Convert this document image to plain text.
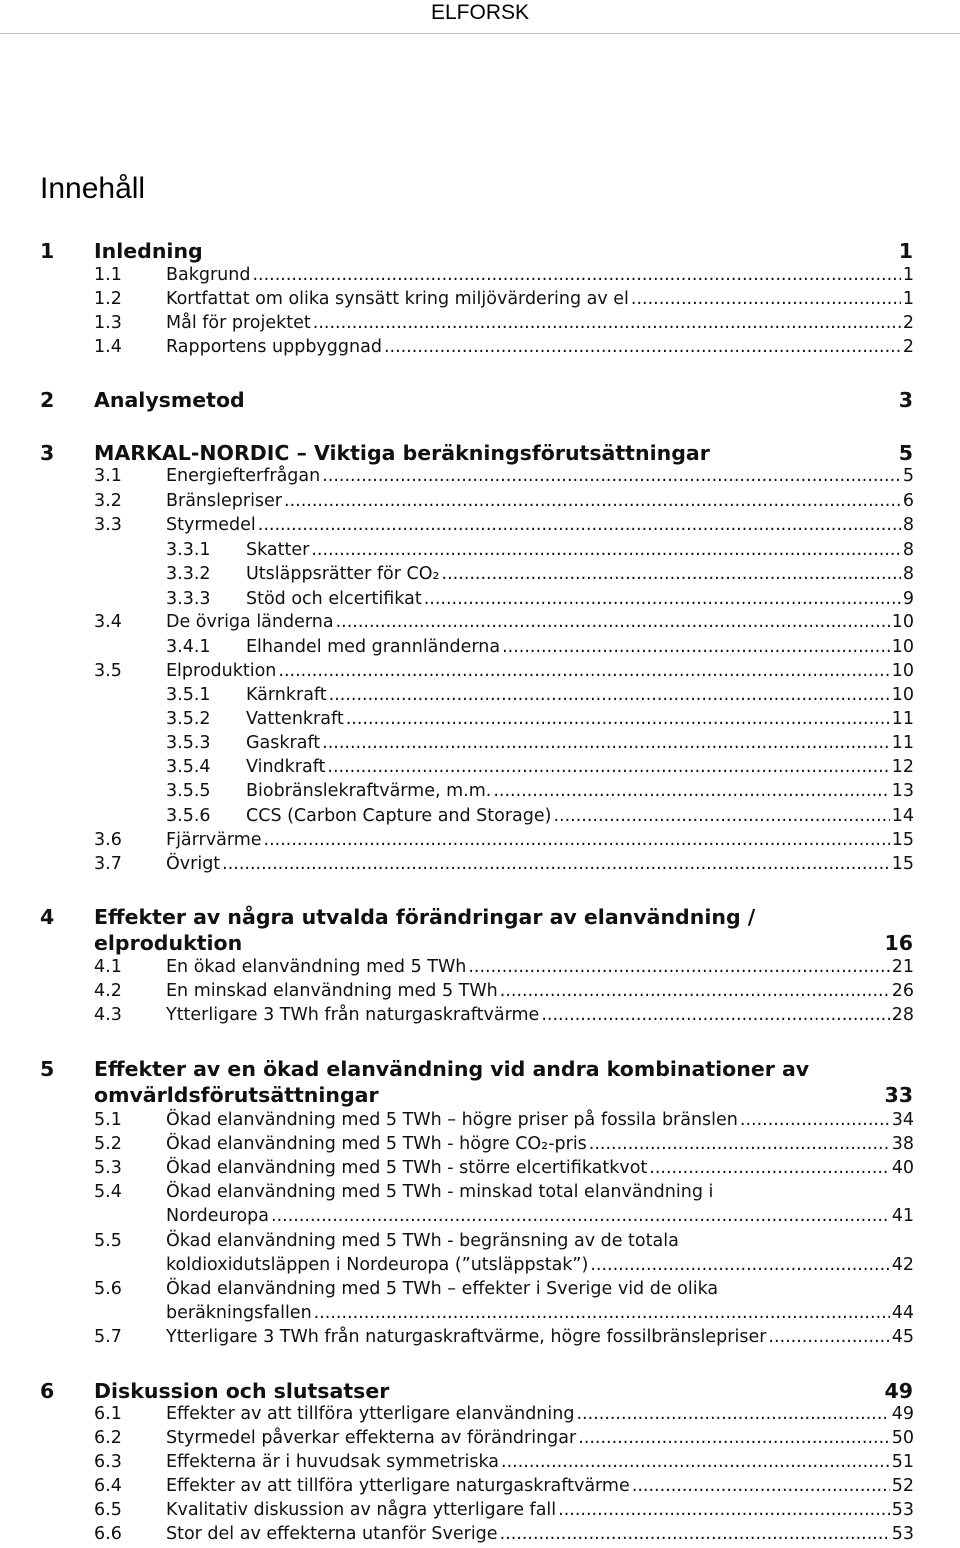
ELFORSK
Innehåll
1 Inledning	1
1.1	Bakgrund .....	1
1.2	Kortfattat om olika synsätt kring miljövärdering av el .....	1
1.3	Mål för projektet .....	2
1.4	Rapportens uppbyggnad .....	2
2 Analysmetod	3
3 MARKAL-NORDIC – Viktiga beräkningsförutsättningar	5
3.1	Energiefterfrågan .....	5
3.2	Bränslepriser .....	6
3.3	Styrmedel .....	8
3.3.1 Skatter .....	8
3.3.2 Utsläppsrätter för CO₂ .....	8
3.3.3 Stöd och elcertifikat .....	9
3.4	De övriga länderna .....	10
3.4.1 Elhandel med grannländerna .....	10
3.5	Elproduktion .....	10
3.5.1 Kärnkraft .....	10
3.5.2 Vattenkraft .....	11
3.5.3 Gaskraft .....	11
3.5.4 Vindkraft .....	12
3.5.5 Biobränslekraftvärme, m.m. .....	13
3.5.6 CCS (Carbon Capture and Storage) .....	14
3.6	Fjärrvärme .....	15
3.7	Övrigt .....	15
4 Effekter av några utvalda förändringar av elanvändning /
elproduktion	16
4.1	En ökad elanvändning med 5 TWh .....	21
4.2	En minskad elanvändning med 5 TWh .....	26
4.3	Ytterligare 3 TWh från naturgaskraftvärme .....	28
5 Effekter av en ökad elanvändning vid andra kombinationer av
omvärldsförutsättningar	33
5.1	Ökad elanvändning med 5 TWh – högre priser på fossila bränslen .....	34
5.2	Ökad elanvändning med 5 TWh - högre CO₂-pris .....	38
5.3	Ökad elanvändning med 5 TWh - större elcertifikatkvot .....	40
5.4	Ökad elanvändning med 5 TWh - minskad total elanvändning i
Nordeuropa .....	41
5.5	Ökad elanvändning med 5 TWh - begränsning av de totala
koldioxidutsläppen i Nordeuropa (”utsläppstak”) .....	42
5.6	Ökad elanvändning med 5 TWh – effekter i Sverige vid de olika
beräkningsfallen .....	44
5.7	Ytterligare 3 TWh från naturgaskraftvärme, högre fossilbränslepriser .....	45
6 Diskussion och slutsatser	49
6.1	Effekter av att tillföra ytterligare elanvändning .....	49
6.2	Styrmedel påverkar effekterna av förändringar .....	50
6.3	Effekterna är i huvudsak symmetriska .....	51
6.4	Effekter av att tillföra ytterligare naturgaskraftvärme .....	52
6.5	Kvalitativ diskussion av några ytterligare fall .....	53
6.6	Stor del av effekterna utanför Sverige .....	53
